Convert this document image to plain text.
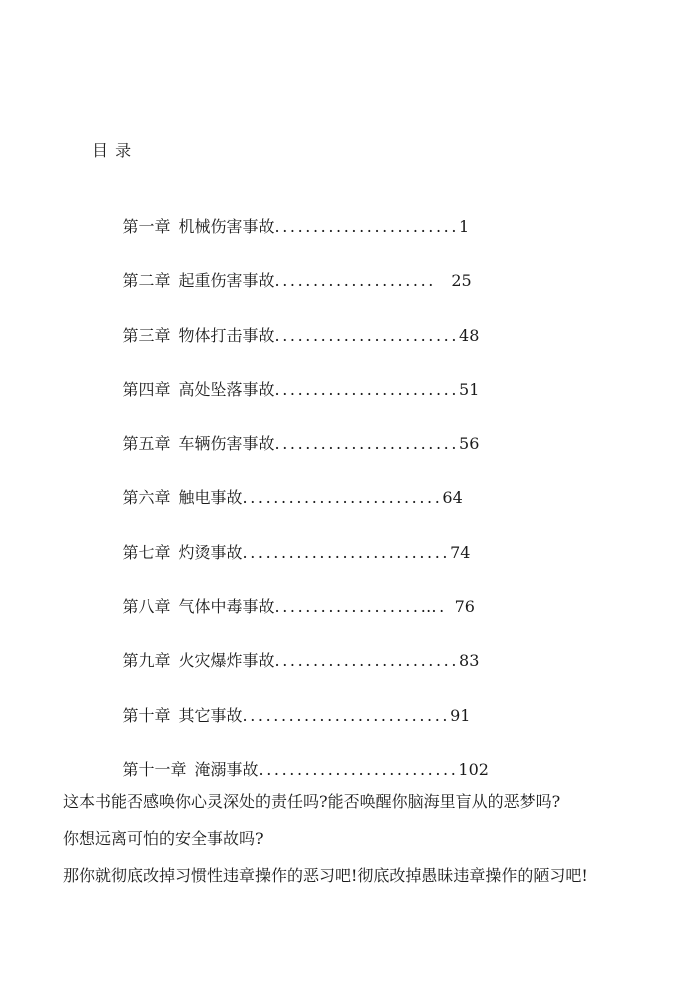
目 录

第一章 机械伤害事故........................1

第二章 起重伤害事故.....................  25

第三章 物体打击事故........................48

第四章 高处坠落事故........................51

第五章 车辆伤害事故........................56

第六章 触电事故..........................64

第七章 灼烫事故...........................74

第八章 气体中毒事故...................…. 76

第九章 火灾爆炸事故........................83

第十章 其它事故...........................91

第十一章 淹溺事故..........................102

这本书能否感唤你心灵深处的责任吗?能否唤醒你脑海里盲从的恶梦吗?
你想远离可怕的安全事故吗?
那你就彻底改掉习惯性违章操作的恶习吧!彻底改掉愚昧违章操作的陋习吧!
